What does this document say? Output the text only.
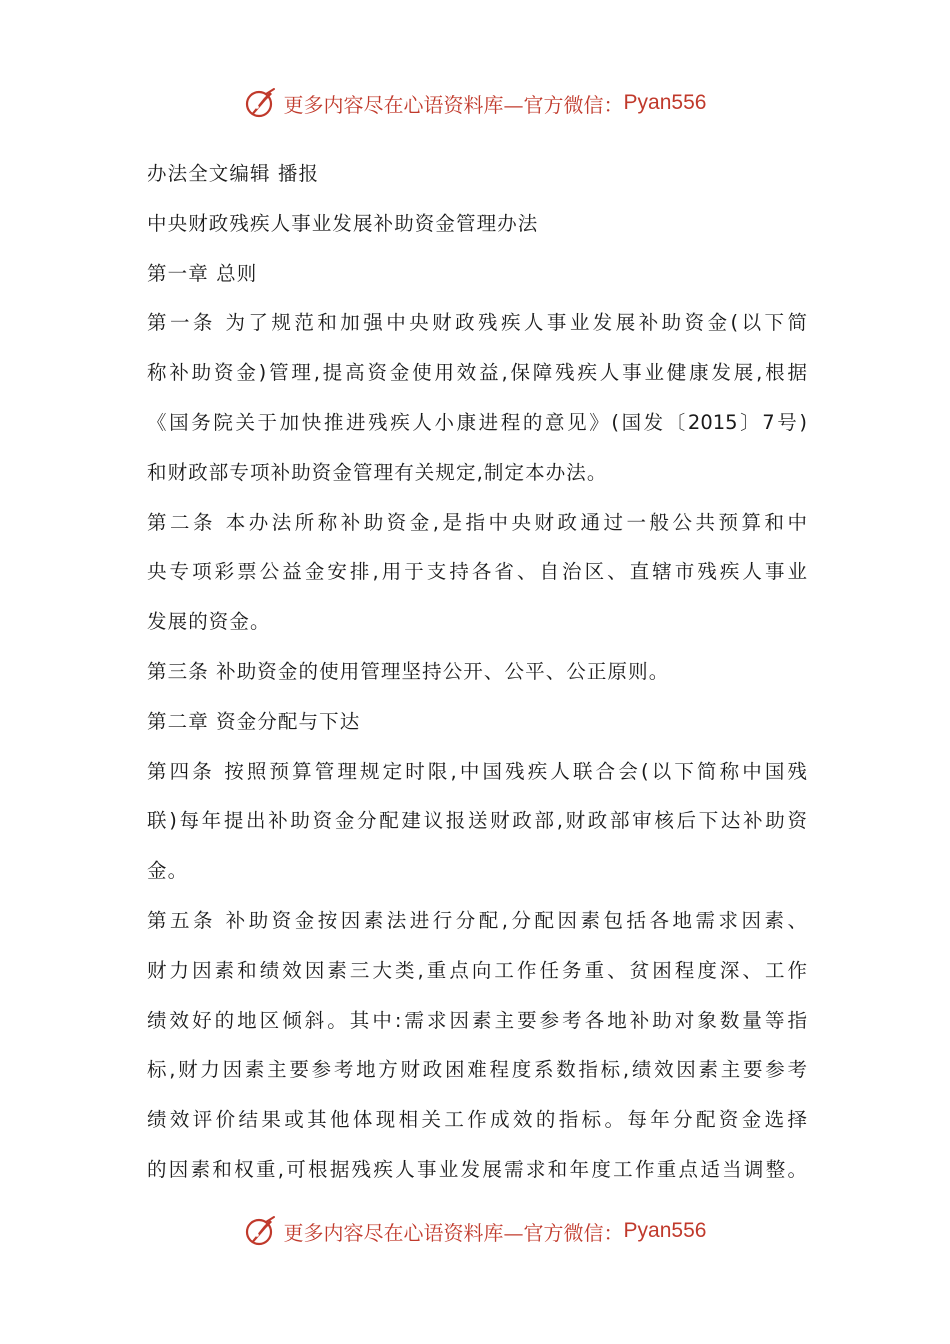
更多内容尽在心语资料库—官方微信： Pyan556
办法全文编辑 播报
中央财政残疾人事业发展补助资金管理办法
第一章 总则
第一条 为了规范和加强中央财政残疾人事业发展补助资金(以下简
称补助资金)管理,提高资金使用效益,保障残疾人事业健康发展,根据
《国务院关于加快推进残疾人小康进程的意见》(国发〔2015〕7号)
和财政部专项补助资金管理有关规定,制定本办法。
第二条 本办法所称补助资金,是指中央财政通过一般公共预算和中
央专项彩票公益金安排,用于支持各省、自治区、直辖市残疾人事业
发展的资金。
第三条 补助资金的使用管理坚持公开、公平、公正原则。
第二章 资金分配与下达
第四条 按照预算管理规定时限,中国残疾人联合会(以下简称中国残
联)每年提出补助资金分配建议报送财政部,财政部审核后下达补助资
金。
第五条 补助资金按因素法进行分配,分配因素包括各地需求因素、
财力因素和绩效因素三大类,重点向工作任务重、贫困程度深、工作
绩效好的地区倾斜。其中:需求因素主要参考各地补助对象数量等指
标,财力因素主要参考地方财政困难程度系数指标,绩效因素主要参考
绩效评价结果或其他体现相关工作成效的指标。每年分配资金选择
的因素和权重,可根据残疾人事业发展需求和年度工作重点适当调整。
更多内容尽在心语资料库—官方微信： Pyan556
